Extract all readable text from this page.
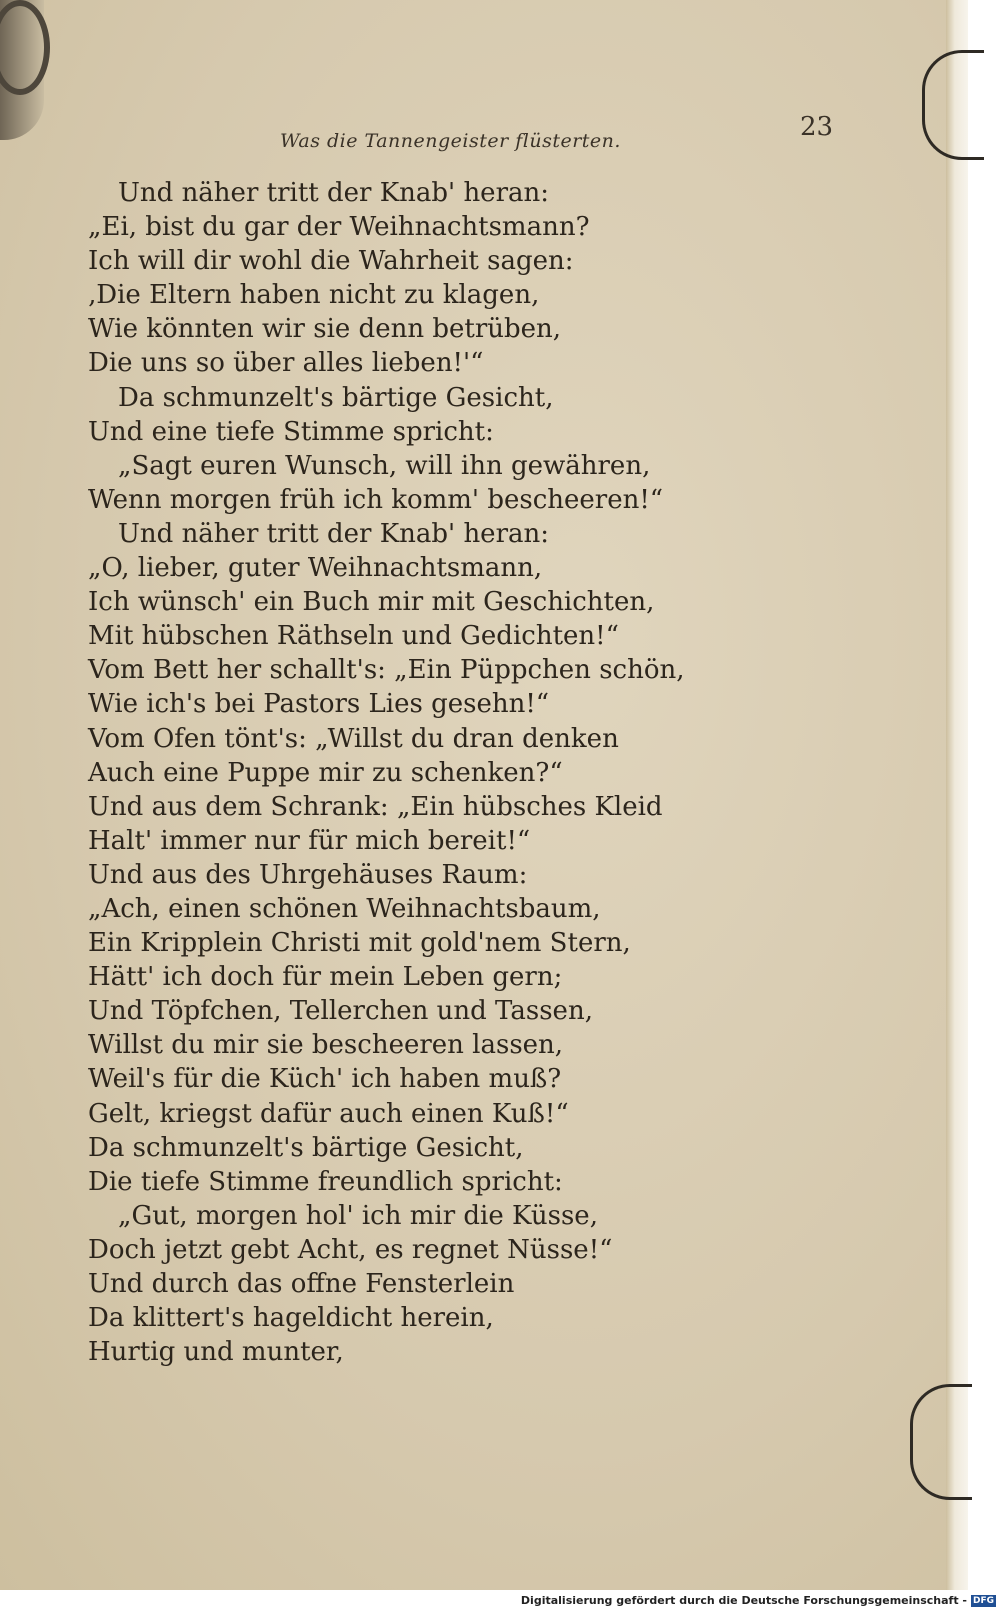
Was die Tannengeister flüsterten.	23
Und näher tritt der Knab' heran:
„Ei, bist du gar der Weihnachtsmann?
Ich will dir wohl die Wahrheit sagen:
‚Die Eltern haben nicht zu klagen,
Wie könnten wir sie denn betrüben,
Die uns so über alles lieben!'“
Da schmunzelt's bärtige Gesicht,
Und eine tiefe Stimme spricht:
„Sagt euren Wunsch, will ihn gewähren,
Wenn morgen früh ich komm' bescheeren!“
Und näher tritt der Knab' heran:
„O, lieber, guter Weihnachtsmann,
Ich wünsch' ein Buch mir mit Geschichten,
Mit hübschen Räthseln und Gedichten!“
Vom Bett her schallt's: „Ein Püppchen schön,
Wie ich's bei Pastors Lies gesehn!“
Vom Ofen tönt's: „Willst du dran denken
Auch eine Puppe mir zu schenken?“
Und aus dem Schrank: „Ein hübsches Kleid
Halt' immer nur für mich bereit!“
Und aus des Uhrgehäuses Raum:
„Ach, einen schönen Weihnachtsbaum,
Ein Kripplein Christi mit gold'nem Stern,
Hätt' ich doch für mein Leben gern;
Und Töpfchen, Tellerchen und Tassen,
Willst du mir sie bescheeren lassen,
Weil's für die Küch' ich haben muß?
Gelt, kriegst dafür auch einen Kuß!“
Da schmunzelt's bärtige Gesicht,
Die tiefe Stimme freundlich spricht:
„Gut, morgen hol' ich mir die Küsse,
Doch jetzt gebt Acht, es regnet Nüsse!“
Und durch das offne Fensterlein
Da klittert's hageldicht herein,
Hurtig und munter,
Digitalisierung gefördert durch die Deutsche Forschungsgemeinschaft - DFG
